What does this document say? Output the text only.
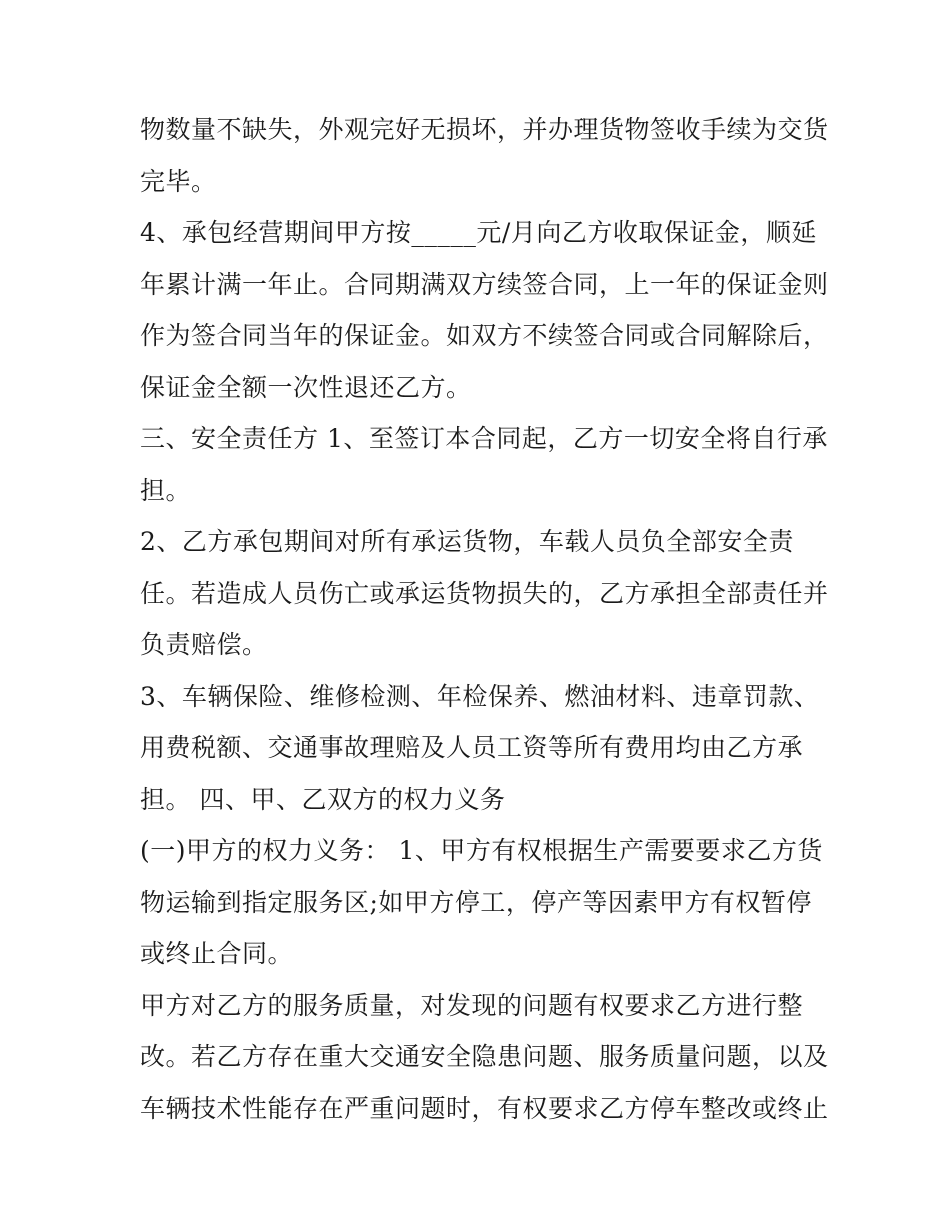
物数量不缺失，外观完好无损坏，并办理货物签收手续为交货
完毕。
4、承包经营期间甲方按_____元/月向乙方收取保证金，顺延
年累计满一年止。合同期满双方续签合同，上一年的保证金则
作为签合同当年的保证金。如双方不续签合同或合同解除后，
保证金全额一次性退还乙方。
三、安全责任方 1、至签订本合同起，乙方一切安全将自行承
担。
2、乙方承包期间对所有承运货物，车载人员负全部安全责
任。若造成人员伤亡或承运货物损失的，乙方承担全部责任并
负责赔偿。
3、车辆保险、维修检测、年检保养、燃油材料、违章罚款、
用费税额、交通事故理赔及人员工资等所有费用均由乙方承
担。 四、甲、乙双方的权力义务
(一)甲方的权力义务： 1、甲方有权根据生产需要要求乙方货
物运输到指定服务区;如甲方停工，停产等因素甲方有权暂停
或终止合同。
甲方对乙方的服务质量，对发现的问题有权要求乙方进行整
改。若乙方存在重大交通安全隐患问题、服务质量问题，以及
车辆技术性能存在严重问题时，有权要求乙方停车整改或终止
